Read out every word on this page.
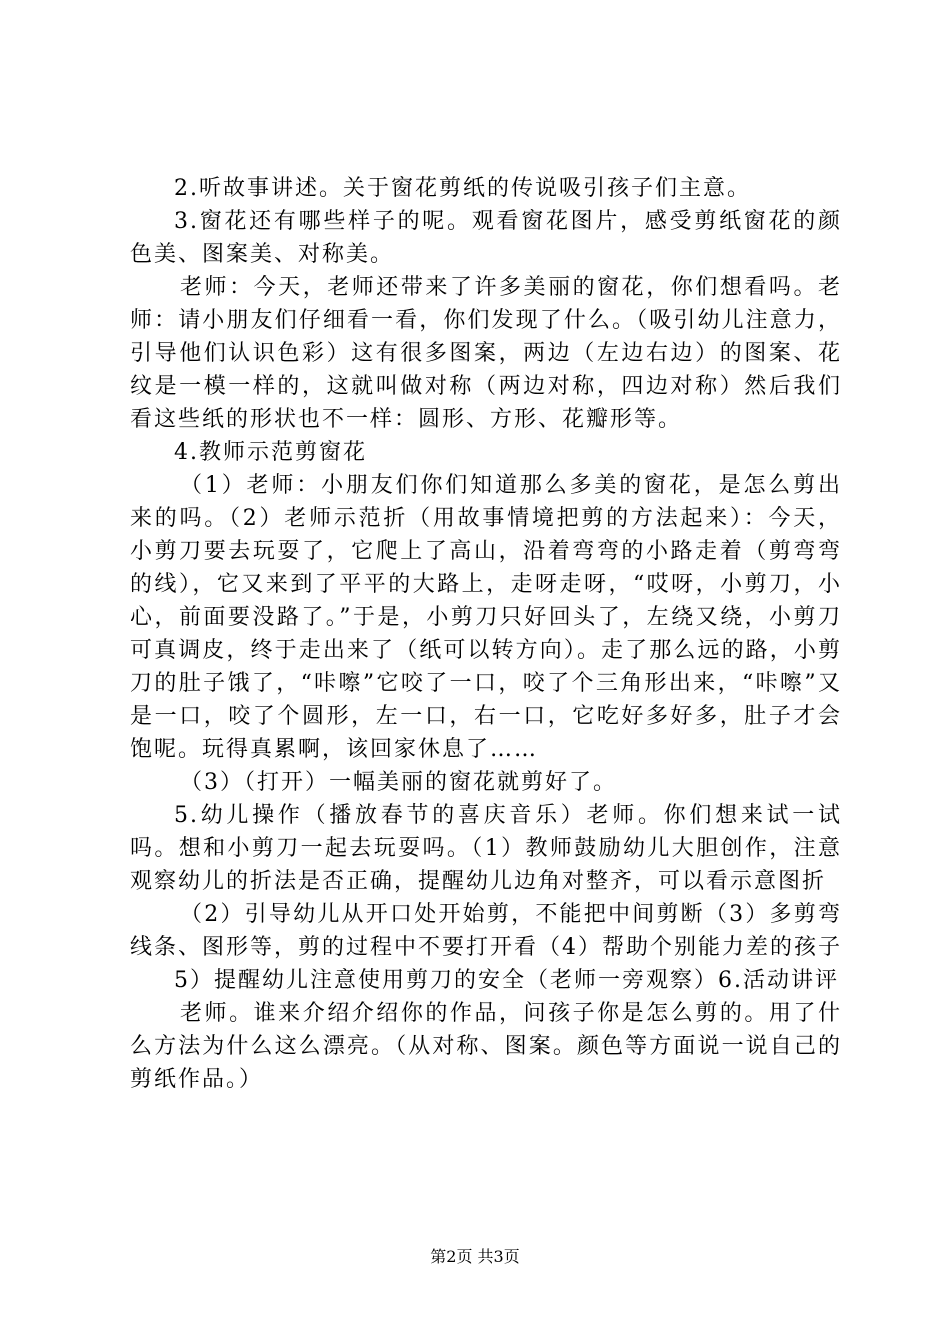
2.听故事讲述。关于窗花剪纸的传说吸引孩子们主意。

3.窗花还有哪些样子的呢。观看窗花图片，感受剪纸窗花的颜色美、图案美、对称美。

老师：今天，老师还带来了许多美丽的窗花，你们想看吗。老师：请小朋友们仔细看一看，你们发现了什么。（吸引幼儿注意力，引导他们认识色彩）这有很多图案，两边（左边右边）的图案、花纹是一模一样的，这就叫做对称（两边对称，四边对称）然后我们看这些纸的形状也不一样：圆形、方形、花瓣形等。

4.教师示范剪窗花

（1）老师：小朋友们你们知道那么多美的窗花，是怎么剪出来的吗。（2）老师示范折（用故事情境把剪的方法起来）：今天，小剪刀要去玩耍了，它爬上了高山，沿着弯弯的小路走着（剪弯弯的线），它又来到了平平的大路上，走呀走呀，“哎呀，小剪刀，小心，前面要没路了。”于是，小剪刀只好回头了，左绕又绕，小剪刀可真调皮，终于走出来了（纸可以转方向）。走了那么远的路，小剪刀的肚子饿了，“咔嚓”它咬了一口，咬了个三角形出来，“咔嚓”又是一口，咬了个圆形，左一口，右一口，它吃好多好多，肚子才会饱呢。玩得真累啊，该回家休息了……

（3）（打开）一幅美丽的窗花就剪好了。

5.幼儿操作（播放春节的喜庆音乐）老师。你们想来试一试吗。想和小剪刀一起去玩耍吗。（1）教师鼓励幼儿大胆创作，注意观察幼儿的折法是否正确，提醒幼儿边角对整齐，可以看示意图折

（2）引导幼儿从开口处开始剪，不能把中间剪断（3）多剪弯线条、图形等，剪的过程中不要打开看（4）帮助个别能力差的孩子

5）提醒幼儿注意使用剪刀的安全（老师一旁观察）6.活动讲评

老师。谁来介绍介绍你的作品，问孩子你是怎么剪的。用了什么方法为什么这么漂亮。（从对称、图案。颜色等方面说一说自己的剪纸作品。）

第2页 共3页
